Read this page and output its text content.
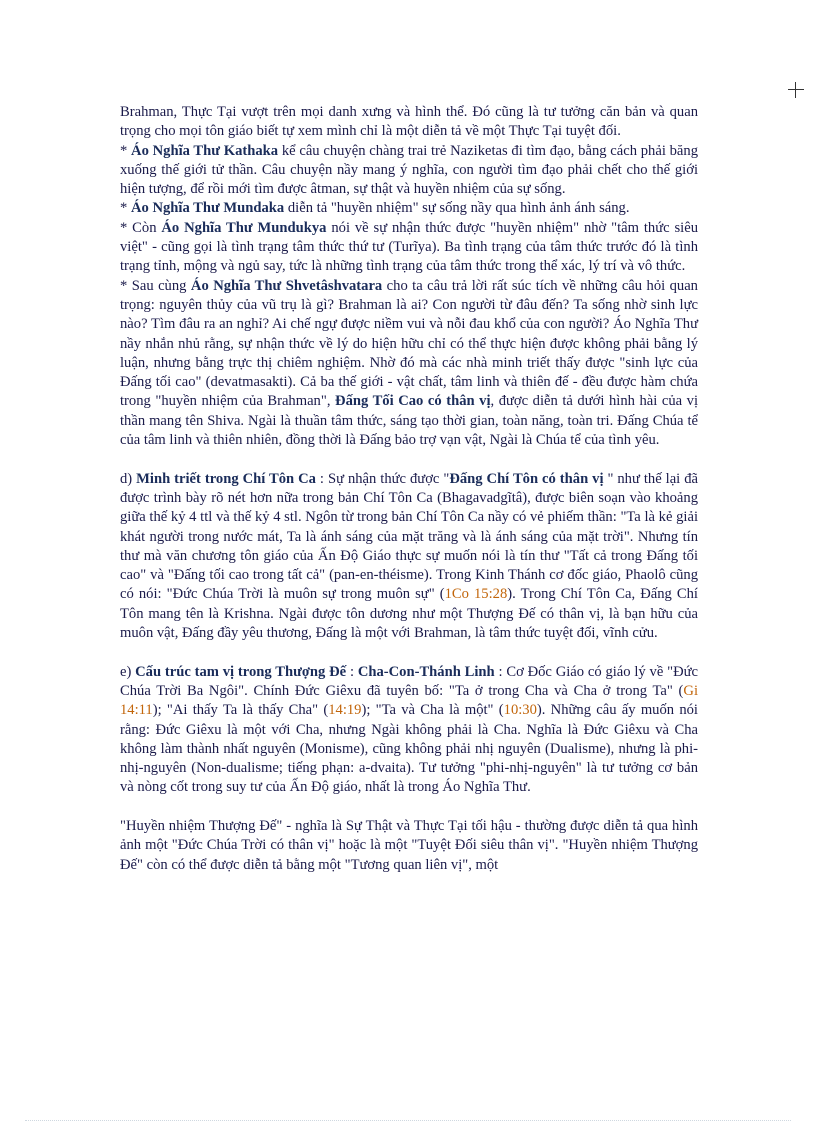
Brahman, Thực Tại vượt trên mọi danh xưng và hình thể. Đó cũng là tư tưởng căn bản và quan trọng cho mọi tôn giáo biết tự xem mình chỉ là một diễn tả về một Thực Tại tuyệt đối.

* Áo Nghĩa Thư Kathaka kể câu chuyện chàng trai trẻ Naziketas đi tìm đạo, bằng cách phải băng xuống thế giới tử thần. Câu chuyện nầy mang ý nghĩa, con người tìm đạo phải chết cho thế giới hiện tượng, để rồi mới tìm được âtman, sự thật và huyền nhiệm của sự sống.

* Áo Nghĩa Thư Mundaka diễn tả "huyền nhiệm" sự sống nầy qua hình ảnh ánh sáng.

* Còn Áo Nghĩa Thư Mundukya nói về sự nhận thức được "huyền nhiệm" nhờ "tâm thức siêu việt" - cũng gọi là tình trạng tâm thức thứ tư (Turĩya). Ba tình trạng của tâm thức trước đó là tình trạng tỉnh, mộng và ngủ say, tức là những tình trạng của tâm thức trong thể xác, lý trí và vô thức.

* Sau cùng Áo Nghĩa Thư Shvetâshvatara cho ta câu trả lời rất súc tích về những câu hỏi quan trọng: nguyên thủy của vũ trụ là gì? Brahman là ai? Con người từ đâu đến? Ta sống nhờ sinh lực nào? Tìm đâu ra an nghỉ? Ai chế ngự được niềm vui và nỗi đau khổ của con người? Áo Nghĩa Thư nầy nhắn nhủ rằng, sự nhận thức về lý do hiện hữu chỉ có thể thực hiện được không phải bằng lý luận, nhưng bằng trực thị chiêm nghiệm. Nhờ đó mà các nhà minh triết thấy được "sinh lực của Đấng tối cao" (devatmasakti). Cả ba thế giới - vật chất, tâm linh và thiên đế - đều được hàm chứa trong "huyền nhiệm của Brahman", Đấng Tối Cao có thân vị, được diễn tả dưới hình hài của vị thần mang tên Shiva. Ngài là thuần tâm thức, sáng tạo thời gian, toàn năng, toàn tri. Đấng Chúa tể của tâm linh và thiên nhiên, đồng thời là Đấng bảo trợ vạn vật, Ngài là Chúa tể của tình yêu.

d) Minh triết trong Chí Tôn Ca : Sự nhận thức được "Đấng Chí Tôn có thân vị " như thế lại đã được trình bày rõ nét hơn nữa trong bản Chí Tôn Ca (Bhagavadgĩtâ), được biên soạn vào khoảng giữa thế kỷ 4 ttl và thế kỷ 4 stl. Ngôn từ trong bản Chí Tôn Ca nầy có vẻ phiếm thần: "Ta là kẻ giải khát người trong nước mát, Ta là ánh sáng của mặt trăng và là ánh sáng của mặt trời". Nhưng tín thư mà văn chương tôn giáo của Ấn Độ Giáo thực sự muốn nói là tín thư "Tất cả trong Đấng tối cao" và "Đấng tối cao trong tất cả" (pan-en-théisme). Trong Kinh Thánh cơ đốc giáo, Phaolô cũng có nói: "Đức Chúa Trời là muôn sự trong muôn sự" (1Co 15:28). Trong Chí Tôn Ca, Đấng Chí Tôn mang tên là Krishna. Ngài được tôn dương như một Thượng Đế có thân vị, là bạn hữu của muôn vật, Đấng đầy yêu thương, Đấng là một với Brahman, là tâm thức tuyệt đối, vĩnh cửu.

e) Cấu trúc tam vị trong Thượng Đế : Cha-Con-Thánh Linh : Cơ Đốc Giáo có giáo lý về "Đức Chúa Trời Ba Ngôi". Chính Đức Giêxu đã tuyên bố: "Ta ở trong Cha và Cha ở trong Ta" (Gi 14:11); "Ai thấy Ta là thấy Cha" (14:19); "Ta và Cha là một" (10:30). Những câu ấy muốn nói rằng: Đức Giêxu là một với Cha, nhưng Ngài không phải là Cha. Nghĩa là Đức Giêxu và Cha không làm thành nhất nguyên (Monisme), cũng không phải nhị nguyên (Dualisme), nhưng là phi-nhị-nguyên (Non-dualisme; tiếng phạn: a-dvaita). Tư tưởng "phi-nhị-nguyên" là tư tưởng cơ bản và nòng cốt trong suy tư của Ấn Độ giáo, nhất là trong Áo Nghĩa Thư.

"Huyền nhiệm Thượng Đế" - nghĩa là Sự Thật và Thực Tại tối hậu - thường được diễn tả qua hình ảnh một "Đức Chúa Trời có thân vị" hoặc là một "Tuyệt Đối siêu thân vị". "Huyền nhiệm Thượng Đế" còn có thể được diễn tả bằng một "Tương quan liên vị", một
